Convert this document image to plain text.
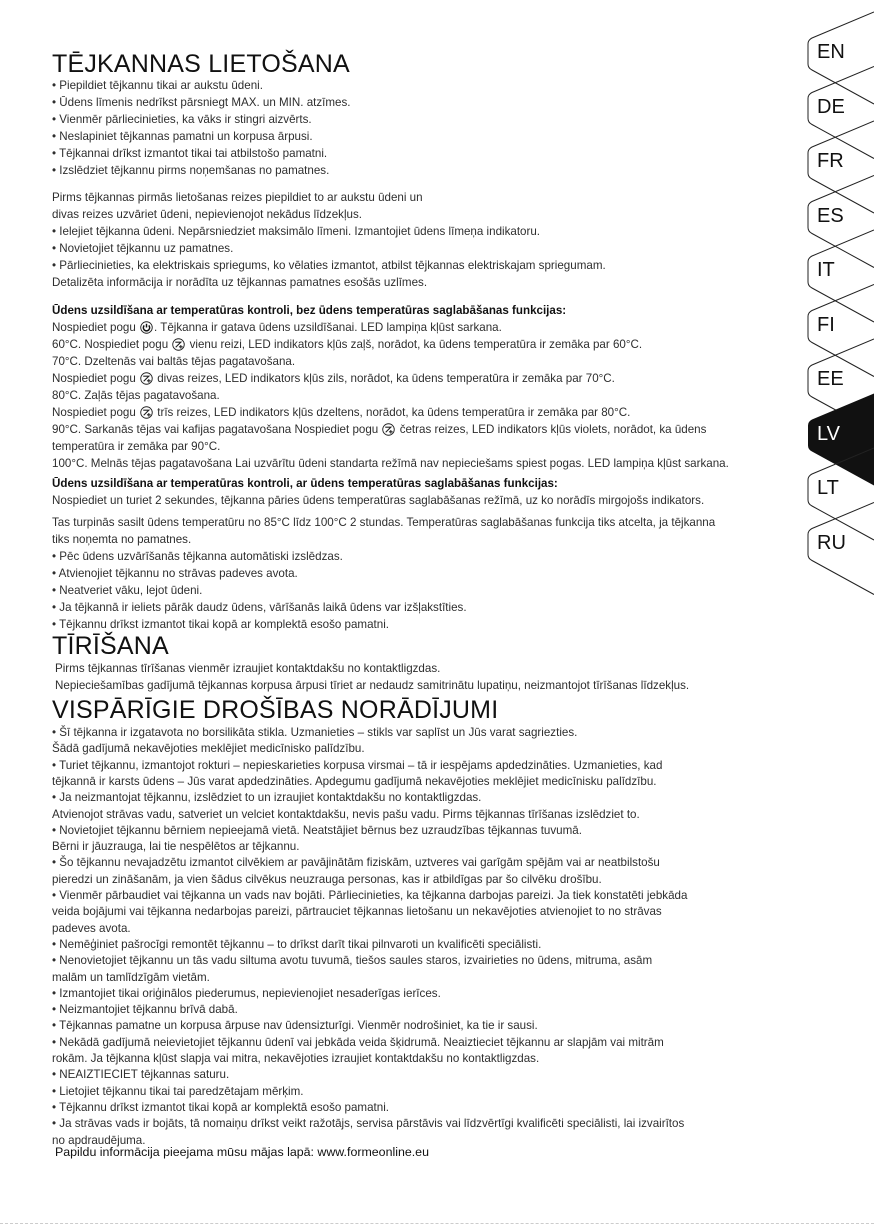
TĒJKANNAS LIETOŠANA
• Piepildiet tējkannu tikai ar aukstu ūdeni.
• Ūdens līmenis nedrīkst pārsniegt MAX. un MIN. atzīmes.
• Vienmēr pārliecinieties, ka vāks ir stingri aizvērts.
• Neslapiniet tējkannas pamatni un korpusa ārpusi.
• Tējkannai drīkst izmantot tikai tai atbilstošo pamatni.
• Izslēdziet tējkannu pirms noņemšanas no pamatnes.
Pirms tējkannas pirmās lietošanas reizes piepildiet to ar aukstu ūdeni un
divas reizes uzvāriet ūdeni, nepievienojot nekādus līdzekļus.
• Ielejiet tējkanna ūdeni. Nepārsniedziet maksimālo līmeni. Izmantojiet ūdens līmeņa indikatoru.
• Novietojiet tējkannu uz pamatnes.
• Pārliecinieties, ka elektriskais spriegums, ko vēlaties izmantot, atbilst tējkannas elektriskajam spriegumam.
Detalizēta informācija ir norādīta uz tējkannas pamatnes esošās uzlīmes.
Ūdens uzsildīšana ar temperatūras kontroli, bez ūdens temperatūras saglabāšanas funkcijas:
Nospiediet pogu . Tējkanna ir gatava ūdens uzsildīšanai. LED lampiņa kļūst sarkana.
60°C. Nospiediet pogu  vienu reizi, LED indikators kļūs zaļš, norādot, ka ūdens temperatūra ir zemāka par 60°C.
70°C. Dzeltenās vai baltās tējas pagatavošana.
Nospiediet pogu  divas reizes, LED indikators kļūs zils, norādot, ka ūdens temperatūra ir zemāka par 70°C.
80°C. Zaļās tējas pagatavošana.
Nospiediet pogu  trīs reizes, LED indikators kļūs dzeltens, norādot, ka ūdens temperatūra ir zemāka par 80°C.
90°C. Sarkanās tējas vai kafijas pagatavošana Nospiediet pogu  četras reizes, LED indikators kļūs violets, norādot, ka ūdens
temperatūra ir zemāka par 90°C.
100°C. Melnās tējas pagatavošana Lai uzvārītu ūdeni standarta režīmā nav nepieciešams spiest pogas. LED lampiņa kļūst sarkana.
Ūdens uzsildīšana ar temperatūras kontroli, ar ūdens temperatūras saglabāšanas funkcijas:
Nospiediet un turiet 2 sekundes, tējkanna pāries ūdens temperatūras saglabāšanas režīmā, uz ko norādīs mirgojošs indikators.
Tas turpinās sasilt ūdens temperatūru no 85°C līdz 100°C 2 stundas. Temperatūras saglabāšanas funkcija tiks atcelta, ja tējkanna
tiks noņemta no pamatnes.
• Pēc ūdens uzvārīšanās tējkanna automātiski izslēdzas.
• Atvienojiet tējkannu no strāvas padeves avota.
• Neatveriet vāku, lejot ūdeni.
• Ja tējkannā ir ieliets pārāk daudz ūdens, vārīšanās laikā ūdens var izšļakstīties.
• Tējkannu drīkst izmantot tikai kopā ar komplektā esošo pamatni.
TĪRĪŠANA
Pirms tējkannas tīrīšanas vienmēr izraujiet kontaktdakšu no kontaktligzdas.
Nepieciešamības gadījumā tējkannas korpusa ārpusi tīriet ar nedaudz samitrinātu lupatiņu, neizmantojot tīrīšanas līdzekļus.
VISPĀRĪGIE DROŠĪBAS NORĀDĪJUMI
• Šī tējkanna ir izgatavota no borsilikāta stikla. Uzmanieties – stikls var saplīst un Jūs varat sagriezties.
Šādā gadījumā nekavējoties meklējiet medicīnisko palīdzību.
• Turiet tējkannu, izmantojot rokturi – nepieskarieties korpusa virsmai – tā ir iespējams apdedzināties. Uzmanieties, kad
tējkannā ir karsts ūdens – Jūs varat apdedzināties. Apdegumu gadījumā nekavējoties meklējiet medicīnisku palīdzību.
• Ja neizmantojat tējkannu, izslēdziet to un izraujiet kontaktdakšu no kontaktligzdas.
Atvienojot strāvas vadu, satveriet un velciet kontaktdakšu, nevis pašu vadu. Pirms tējkannas tīrīšanas izslēdziet to.
• Novietojiet tējkannu bērniem nepieejamā vietā. Neatstājiet bērnus bez uzraudzības tējkannas tuvumā.
Bērni ir jāuzrauga, lai tie nespēlētos ar tējkannu.
• Šo tējkannu nevajadzētu izmantot cilvēkiem ar pavājinātām fiziskām, uztveres vai garīgām spējām vai ar neatbilstošu
pieredzi un zināšanām, ja vien šādus cilvēkus neuzrauga personas, kas ir atbildīgas par šo cilvēku drošību.
• Vienmēr pārbaudiet vai tējkanna un vads nav bojāti. Pārliecinieties, ka tējkanna darbojas pareizi. Ja tiek konstatēti jebkāda
veida bojājumi vai tējkanna nedarbojas pareizi, pārtrauciet tējkannas lietošanu un nekavējoties atvienojiet to no strāvas
padeves avota.
• Nemēģiniet pašrocīgi remontēt tējkannu – to drīkst darīt tikai pilnvaroti un kvalificēti speciālisti.
• Nenovietojiet tējkannu un tās vadu siltuma avotu tuvumā, tiešos saules staros, izvairieties no ūdens, mitruma, asām
malām un tamlīdzīgām vietām.
• Izmantojiet tikai oriģinālos piederumus, nepievienojiet nesaderīgas ierīces.
• Neizmantojiet tējkannu brīvā dabā.
• Tējkannas pamatne un korpusa ārpuse nav ūdensizturīgi. Vienmēr nodrošiniet, ka tie ir sausi.
• Nekādā gadījumā neievietojiet tējkannu ūdenī vai jebkāda veida šķidrumā. Neaiztieciet tējkannu ar slapjām vai mitrām
rokām. Ja tējkanna kļūst slapja vai mitra, nekavējoties izraujiet kontaktdakšu no kontaktligzdas.
• NEAIZTIECIET tējkannas saturu.
• Lietojiet tējkannu tikai tai paredzētajam mērķim.
• Tējkannu drīkst izmantot tikai kopā ar komplektā esošo pamatni.
• Ja strāvas vads ir bojāts, tā nomaiņu drīkst veikt ražotājs, servisa pārstāvis vai līdzvērtīgi kvalificēti speciālisti, lai izvairītos
no apdraudējuma.
Papildu informācija pieejama mūsu mājas lapā: www.formeonline.eu
EN
DE
FR
ES
IT
FI
EE
LV
LT
RU
